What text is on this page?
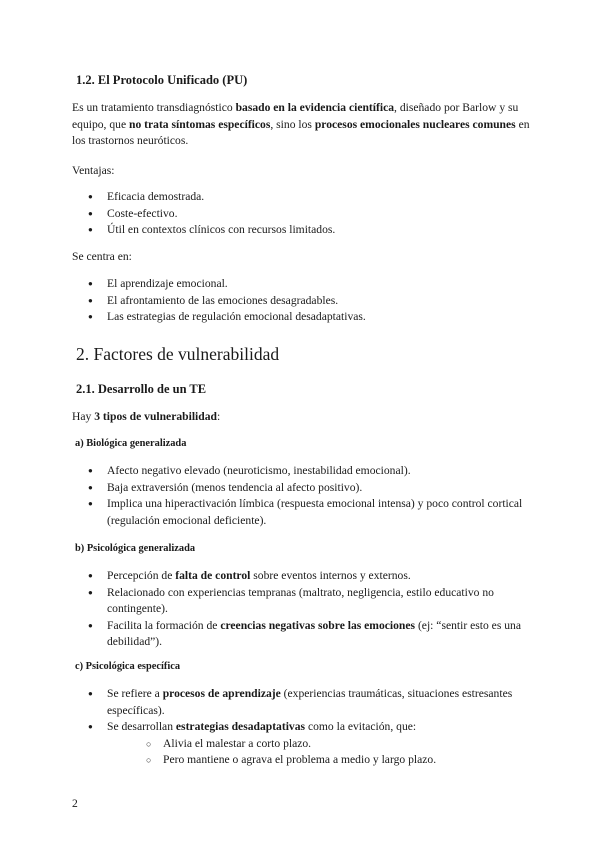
1.2. El Protocolo Unificado (PU)
Es un tratamiento transdiagnóstico basado en la evidencia científica, diseñado por Barlow y su equipo, que no trata síntomas específicos, sino los procesos emocionales nucleares comunes en los trastornos neuróticos.
Ventajas:
● Eficacia demostrada.
● Coste-efectivo.
● Útil en contextos clínicos con recursos limitados.
Se centra en:
● El aprendizaje emocional.
● El afrontamiento de las emociones desagradables.
● Las estrategias de regulación emocional desadaptativas.
2. Factores de vulnerabilidad
2.1. Desarrollo de un TE
Hay 3 tipos de vulnerabilidad:
a) Biológica generalizada
● Afecto negativo elevado (neuroticismo, inestabilidad emocional).
● Baja extraversión (menos tendencia al afecto positivo).
● Implica una hiperactivación límbica (respuesta emocional intensa) y poco control cortical (regulación emocional deficiente).
b) Psicológica generalizada
● Percepción de falta de control sobre eventos internos y externos.
● Relacionado con experiencias tempranas (maltrato, negligencia, estilo educativo no contingente).
● Facilita la formación de creencias negativas sobre las emociones (ej: “sentir esto es una debilidad”).
c) Psicológica específica
● Se refiere a procesos de aprendizaje (experiencias traumáticas, situaciones estresantes específicas).
● Se desarrollan estrategias desadaptativas como la evitación, que:
○ Alivia el malestar a corto plazo.
○ Pero mantiene o agrava el problema a medio y largo plazo.
2
